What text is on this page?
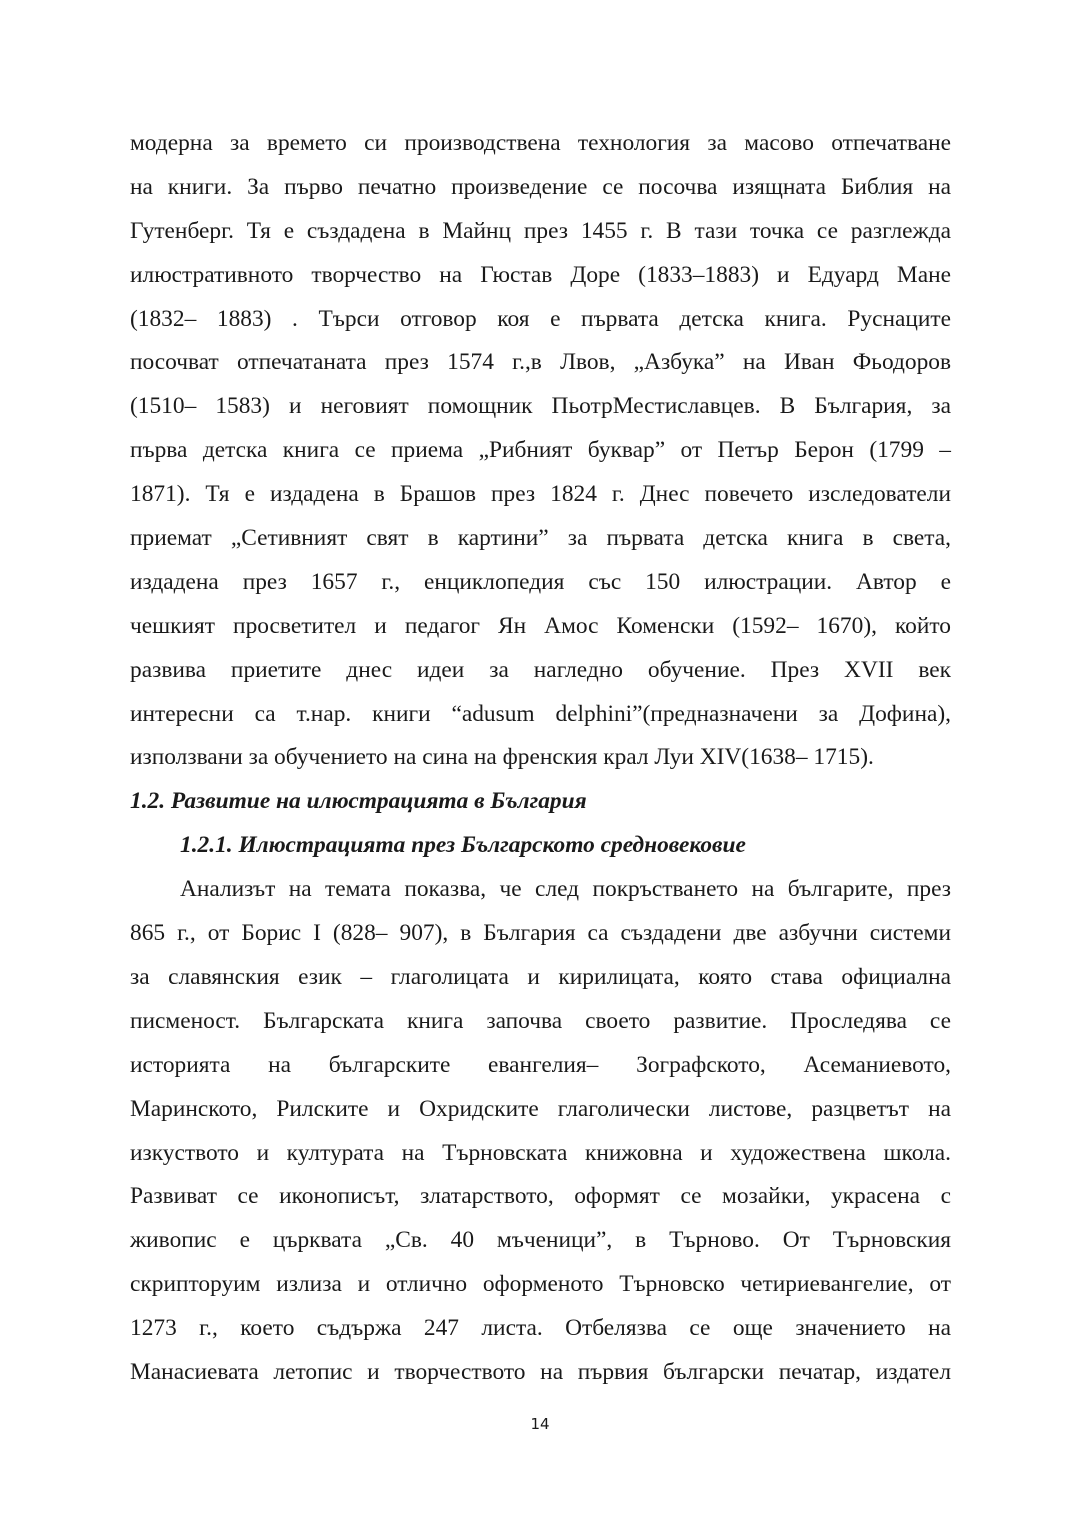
модерна за времето си производствена технология за масово отпечатване
на книги. За първо печатно произведение се посочва изящната Библия на
Гутенберг. Тя е създадена в Майнц през 1455 г. В тази точка се разглежда
илюстративното творчество на Гюстав Доре (1833–1883) и Едуард Мане
(1832– 1883) . Търси отговор коя е първата детска книга. Руснаците
посочват отпечатаната през 1574 г.,в Лвов, „Азбука” на Иван Фьодоров
(1510– 1583) и неговият помощник ПьотрМестиславцев. В България, за
първа детска книга се приема „Рибният буквар” от Петър Берон (1799 –
1871). Тя е издадена в Брашов през 1824 г. Днес повечето изследователи
приемат „Сетивният свят в картини” за първата детска книга в света,
издадена през 1657 г., енциклопедия със 150 илюстрации. Автор е
чешкият просветител и педагог Ян Амос Коменски (1592– 1670), който
развива приетите днес идеи за нагледно обучение. През XVII век
интересни са т.нар. книги “adusum delphini”(предназначени за Дофина),
използвани за обучението на сина на френския крал Луи XIV(1638– 1715).
1.2. Развитие на илюстрацията в България
1.2.1. Илюстрацията през Българското средновековие
Анализът на темата показва, че след покръстването на българите, през
865 г., от Борис I (828– 907), в България са създадени две азбучни системи
за славянския език – глаголицата и кирилицата, която става официална
писменост. Българската книга започва своето развитие. Проследява се
историята на българските евангелия– Зографското, Асеманиевото,
Маринското, Рилските и Охридските глаголически листове, разцветът на
изкуството и културата на Търновската книжовна и художествена школа.
Развиват се иконописът, златарството, оформят се мозайки, украсена с
живопис е църквата „Св. 40 мъченици”, в Търново. От Търновския
скрипторуим излиза и отлично оформеното Търновско четириевангелие, от
1273 г., което съдържа 247 листа. Отбелязва се още значението на
Манасиевата летопис и творчеството на първия български печатар, издател
14
